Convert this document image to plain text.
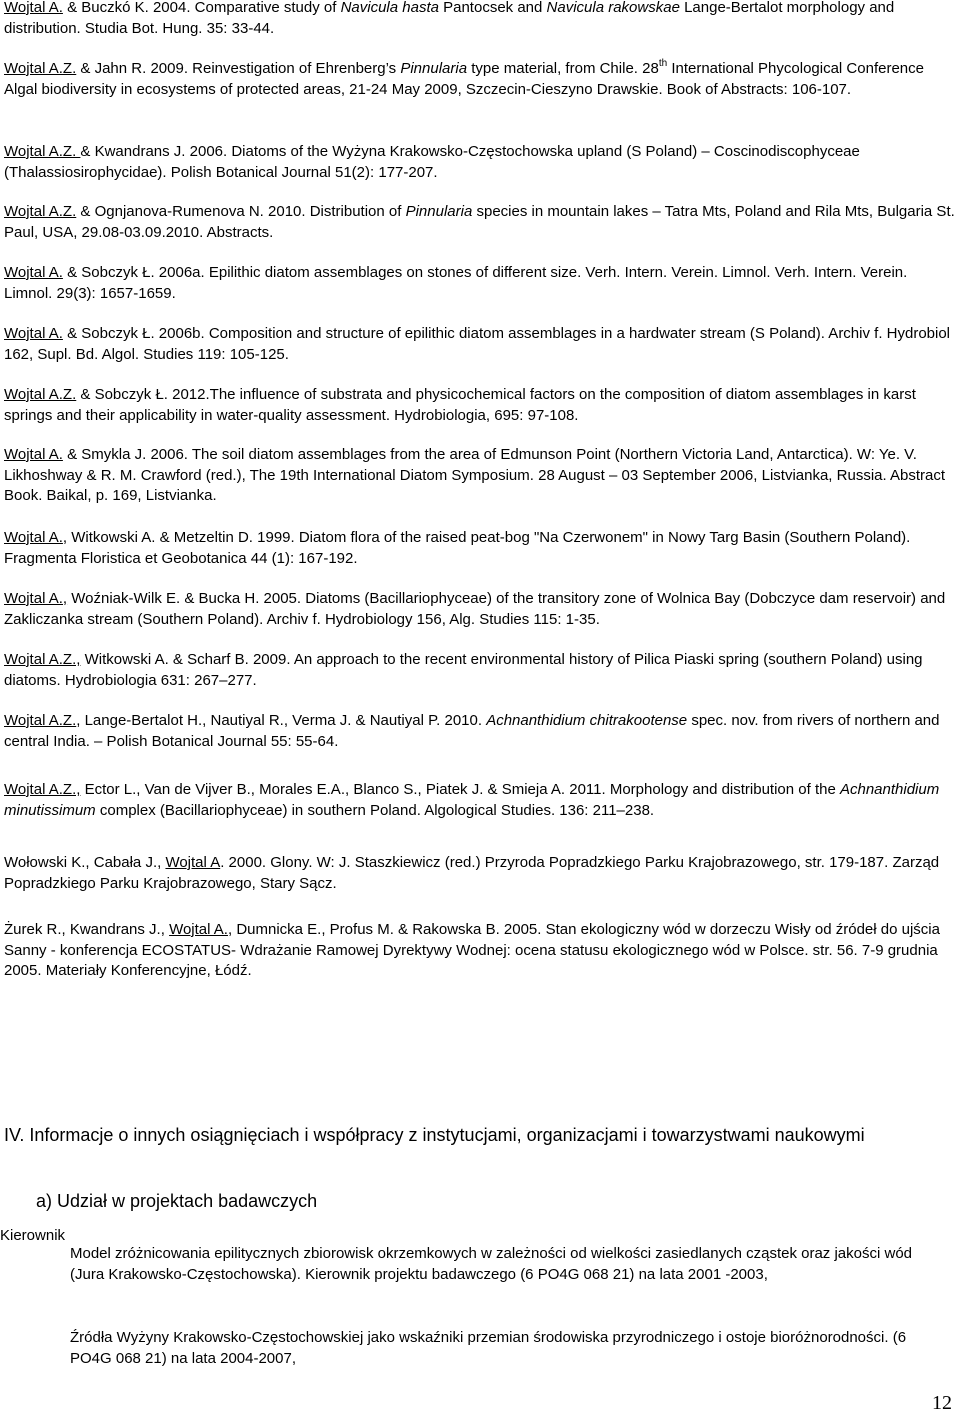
Wojtal A. & Buczkó K. 2004. Comparative study of Navicula hasta Pantocsek and Navicula rakowskae Lange-Bertalot morphology and distribution. Studia Bot. Hung. 35: 33-44.

Wojtal A.Z. & Jahn R. 2009. Reinvestigation of Ehrenberg’s Pinnularia type material, from Chile. 28th International Phycological Conference Algal biodiversity in ecosystems of protected areas, 21-24 May 2009, Szczecin-Cieszyno Drawskie. Book of Abstracts: 106-107.

Wojtal A.Z. & Kwandrans J. 2006. Diatoms of the Wyżyna Krakowsko-Częstochowska upland (S Poland) – Coscinodiscophyceae (Thalassiosirophycidae). Polish Botanical Journal 51(2): 177-207.

Wojtal A.Z. & Ognjanova-Rumenova N. 2010. Distribution of Pinnularia species in mountain lakes – Tatra Mts, Poland and Rila Mts, Bulgaria St. Paul, USA, 29.08-03.09.2010. Abstracts.

Wojtal A. & Sobczyk Ł. 2006a. Epilithic diatom assemblages on stones of different size. Verh. Intern. Verein. Limnol. Verh. Intern. Verein. Limnol. 29(3): 1657-1659.

Wojtal A. & Sobczyk Ł. 2006b. Composition and structure of epilithic diatom assemblages in a hardwater stream (S Poland). Archiv f. Hydrobiol 162, Supl. Bd. Algol. Studies 119: 105-125.

Wojtal A.Z. & Sobczyk Ł. 2012.The influence of substrata and physicochemical factors on the composition of diatom assemblages in karst springs and their applicability in water-quality assessment. Hydrobiologia, 695: 97-108.

Wojtal A. & Smykla J. 2006. The soil diatom assemblages from the area of Edmunson Point (Northern Victoria Land, Antarctica). W: Ye. V. Likhoshway & R. M. Crawford (red.), The 19th International Diatom Symposium. 28 August – 03 September 2006, Listvianka, Russia. Abstract Book. Baikal, p. 169, Listvianka.

Wojtal A., Witkowski A. & Metzeltin D. 1999. Diatom flora of the raised peat-bog "Na Czerwonem" in Nowy Targ Basin (Southern Poland). Fragmenta Floristica et Geobotanica 44 (1): 167-192.

Wojtal A., Woźniak-Wilk E. & Bucka H. 2005. Diatoms (Bacillariophyceae) of the transitory zone of Wolnica Bay (Dobczyce dam reservoir) and Zakliczanka stream (Southern Poland). Archiv f. Hydrobiology 156, Alg. Studies 115: 1-35.

Wojtal A.Z., Witkowski A. & Scharf B. 2009. An approach to the recent environmental history of Pilica Piaski spring (southern Poland) using diatoms. Hydrobiologia 631: 267–277.

Wojtal A.Z., Lange-Bertalot H., Nautiyal R., Verma J. & Nautiyal P. 2010. Achnanthidium chitrakootense spec. nov. from rivers of northern and central India. – Polish Botanical Journal 55: 55-64.

Wojtal A.Z., Ector L., Van de Vijver B., Morales E.A., Blanco S., Piatek J. & Smieja A. 2011. Morphology and distribution of the Achnanthidium minutissimum complex (Bacillariophyceae) in southern Poland. Algological Studies. 136: 211–238.

Wołowski K., Cabała J., Wojtal A. 2000. Glony. W: J. Staszkiewicz (red.) Przyroda Popradzkiego Parku Krajobrazowego, str. 179-187. Zarząd Popradzkiego Parku Krajobrazowego, Stary Sącz.

Żurek R., Kwandrans J., Wojtal A., Dumnicka E., Profus M. & Rakowska B. 2005. Stan ekologiczny wód w dorzeczu Wisły od źródeł do ujścia Sanny - konferencja ECOSTATUS- Wdrażanie Ramowej Dyrektywy Wodnej: ocena statusu ekologicznego wód w Polsce. str. 56. 7-9 grudnia 2005. Materiały Konferencyjne, Łódź.

IV. Informacje o innych osiągnięciach i współpracy z instytucjami, organizacjami i towarzystwami naukowymi
a) Udział w projektach badawczych
Kierownik

Model zróżnicowania epilitycznych zbiorowisk okrzemkowych w zależności od wielkości zasiedlanych cząstek oraz jakości wód (Jura Krakowsko-Częstochowska). Kierownik projektu badawczego (6 PO4G 068 21) na lata 2001 -2003,

Źródła Wyżyny Krakowsko-Częstochowskiej jako wskaźniki przemian środowiska przyrodniczego i ostoje bioróżnorodności. (6 PO4G 068 21) na lata 2004-2007,

12
